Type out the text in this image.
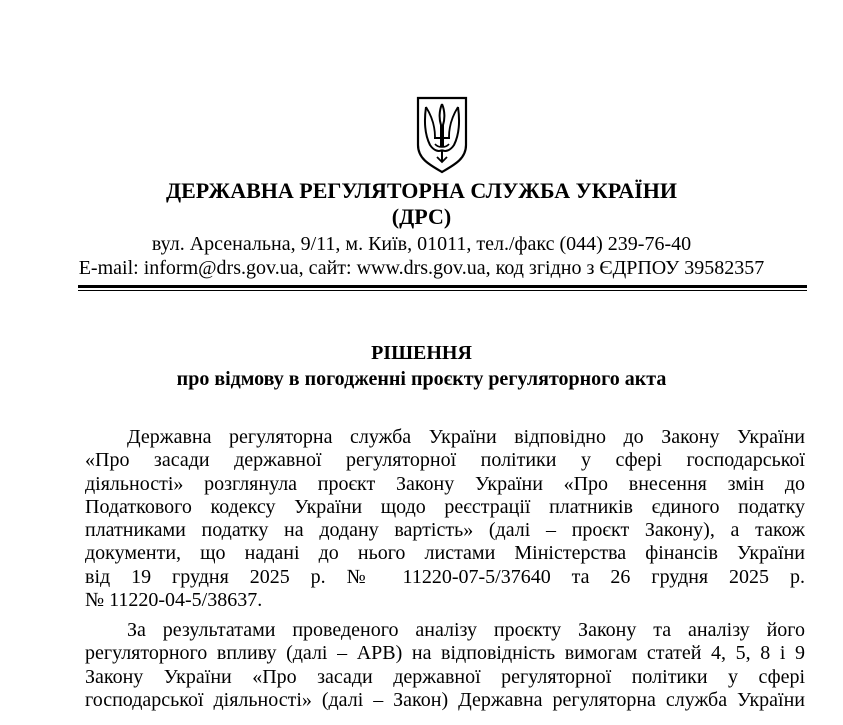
ДЕРЖАВНА РЕГУЛЯТОРНА СЛУЖБА УКРАЇНИ
(ДРС)
вул. Арсенальна, 9/11, м. Київ, 01011, тел./факс (044) 239-76-40
E-mail: inform@drs.gov.ua, сайт: www.drs.gov.ua, код згідно з ЄДРПОУ 39582357
РІШЕННЯ
про відмову в погодженні проєкту регуляторного акта
Державна регуляторна служба України відповідно до Закону України
«Про засади державної регуляторної політики у сфері господарської
діяльності» розглянула проєкт Закону України «Про внесення змін до
Податкового кодексу України щодо реєстрації платників єдиного податку
платниками податку на додану вартість» (далі – проєкт Закону), а також
документи, що надані до нього листами Міністерства фінансів України
від 19 грудня 2025 р. № 11220-07-5/37640 та 26 грудня 2025 р.
№ 11220-04-5/38637.
За результатами проведеного аналізу проєкту Закону та аналізу його
регуляторного впливу (далі – АРВ) на відповідність вимогам статей 4, 5, 8 і 9
Закону України «Про засади державної регуляторної політики у сфері
господарської діяльності» (далі – Закон) Державна регуляторна служба України
